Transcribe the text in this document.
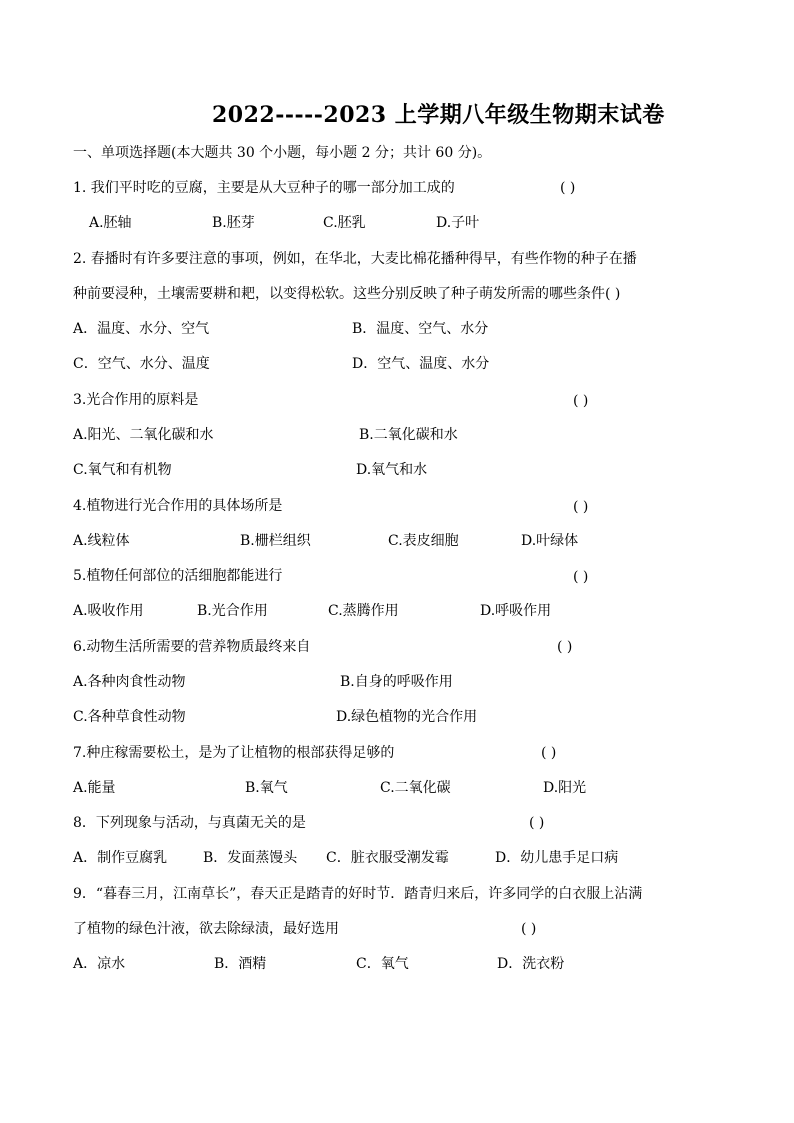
2022-----2023 上学期八年级生物期末试卷
一、单项选择题(本大题共 30 个小题，每小题 2 分；共计 60 分)。
1. 我们平时吃的豆腐，主要是从大豆种子的哪一部分加工成的	( )
A.胚轴	B.胚芽	C.胚乳	D.子叶
2. 春播时有许多要注意的事项，例如，在华北，大麦比棉花播种得早，有些作物的种子在播
种前要浸种，土壤需要耕和耙，以变得松软。这些分别反映了种子萌发所需的哪些条件( )
A．温度、水分、空气	B．温度、空气、水分
C．空气、水分、温度	D．空气、温度、水分
3.光合作用的原料是	( )
A.阳光、二氧化碳和水	B.二氧化碳和水
C.氧气和有机物	D.氧气和水
4.植物进行光合作用的具体场所是	( )
A.线粒体	B.栅栏组织	C.表皮细胞	D.叶绿体
5.植物任何部位的活细胞都能进行	( )
A.吸收作用	B.光合作用	C.蒸腾作用	D.呼吸作用
6.动物生活所需要的营养物质最终来自	( )
A.各种肉食性动物	B.自身的呼吸作用
C.各种草食性动物	D.绿色植物的光合作用
7.种庄稼需要松土，是为了让植物的根部获得足够的	( )
A.能量	B.氧气	C.二氧化碳	D.阳光
8．下列现象与活动，与真菌无关的是	( )
A．制作豆腐乳	B．发面蒸馒头 C．脏衣服受潮发霉	D．幼儿患手足口病
9．“暮春三月，江南草长”，春天正是踏青的好时节．踏青归来后，许多同学的白衣服上沾满
了植物的绿色汁液，欲去除绿渍，最好选用	( )
A．凉水	B．酒精	C．氧气	D．洗衣粉
